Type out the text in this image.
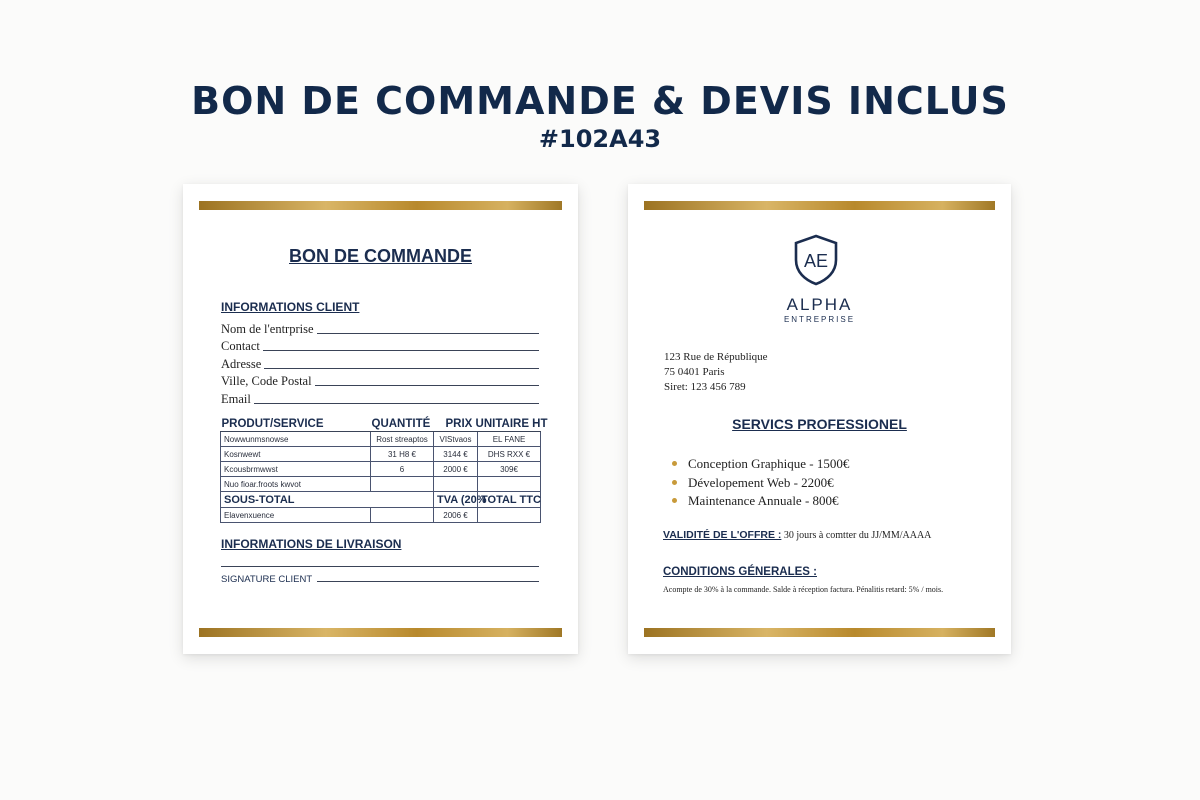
BON DE COMMANDE & DEVIS INCLUS
#102A43
BON DE COMMANDE
INFORMATIONS CLIENT
Nom de l'entrprise
Contact
Adresse
Ville, Code Postal
Email
PRODUT/SERVICE	QUANTITÉ	PRIX UNITAIRE HT	
Nowwunmsnowse	Rost streaptos	VIStvaos	EL FANE
Kosnwewt	31 H8 €	3144 €	DHS RXX €
Kcousbrmwwst	6	2000 €	309€
Nuo fioar.froots kwvot			
SOUS-TOTAL		TVA (20%	TOTAL TTC
Elavenxuence		2006 €	
INFORMATIONS DE LIVRAISON
SIGNATURE CLIENT
AE
ALPHA
ENTREPRISE
123 Rue de République
75 0401 Paris
Siret: 123 456 789
SERVICS PROFESSIONEL
Conception Graphique - 1500€
Dévelopement Web - 2200€
Maintenance Annuale - 800€
VALIDITÉ DE L'OFFRE : 30 jours à comtter du JJ/MM/AAAA
CONDITIONS GÉNERALES :
Acompte de 30% à la commande. Salde à réception factura. Pénalitis retard: 5% / mois.
